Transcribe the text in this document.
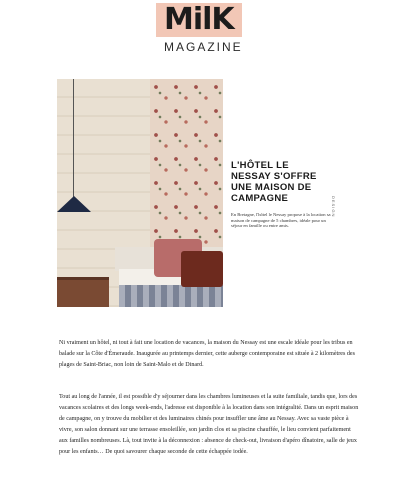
MilK
MAGAZINE
L'HÔTEL LE NESSAY S'OFFRE UNE MAISON DE CAMPAGNE
En Bretagne, l'hôtel le Nessay propose à la location sa maison de campagne de 5 chambres, idéale pour un séjour en famille ou entre amis.
DESIGN

Ni vraiment un hôtel, ni tout à fait une location de vacances, la maison du Nessay est une escale idéale pour les tribus en balade sur la Côte d'Émeraude. Inaugurée au printemps dernier, cette auberge contemporaine est située à 2 kilomètres des plages de Saint-Briac, non loin de Saint-Malo et de Dinard.

Tout au long de l'année, il est possible d'y séjourner dans les chambres lumineuses et la suite familiale, tandis que, lors des vacances scolaires et des longs week-ends, l'adresse est disponible à la location dans son intégralité. Dans un esprit maison de campagne, on y trouve du mobilier et des luminaires chinés pour insuffler une âme au Nessay. Avec sa vaste pièce à vivre, son salon donnant sur une terrasse ensoleillée, son jardin clos et sa piscine chauffée, le lieu convient parfaitement aux familles nombreuses. Là, tout invite à la déconnexion : absence de check-out, livraison d'apéro dînatoire, salle de jeux pour les enfants… De quoi savourer chaque seconde de cette échappée iodée.
